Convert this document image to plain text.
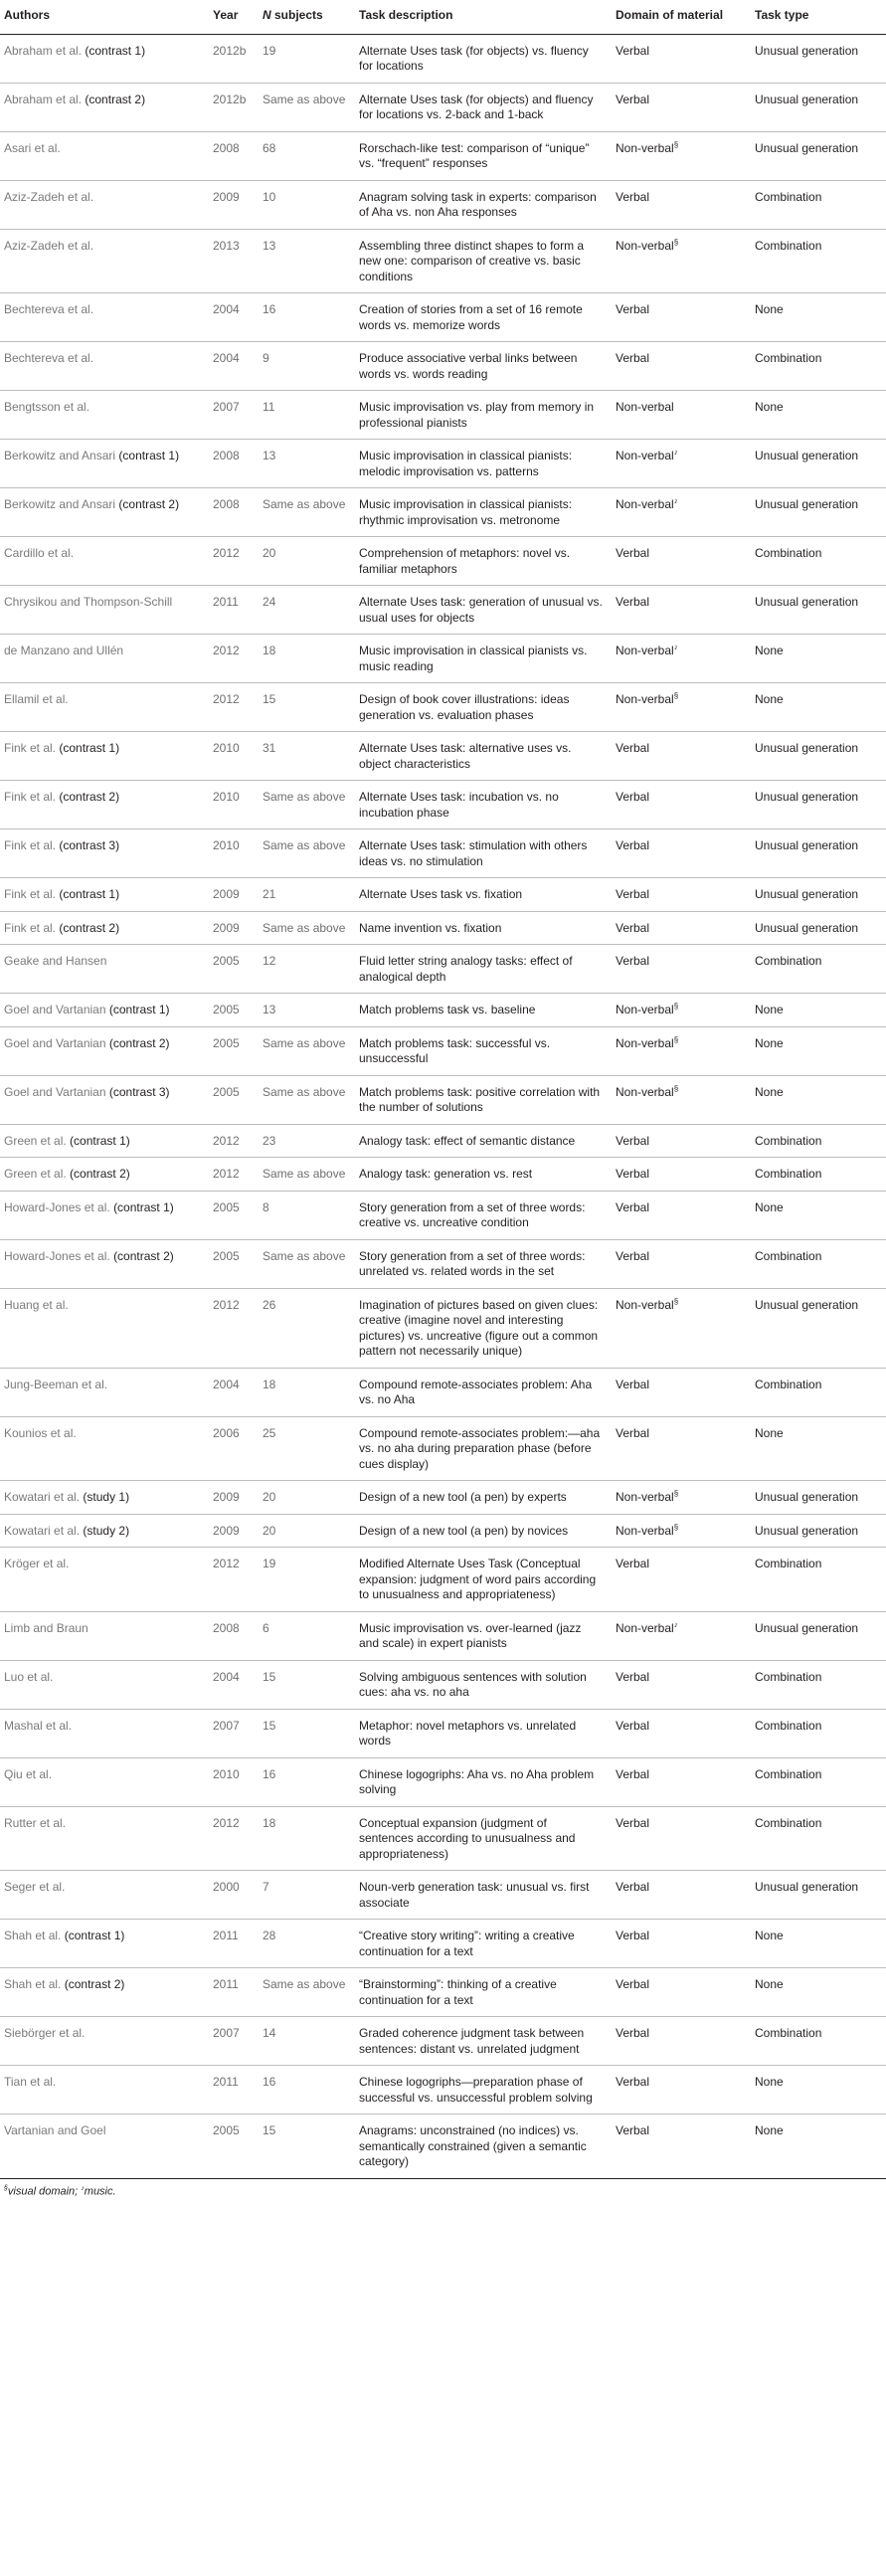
Authors	Year	N subjects	Task description	Domain of material	Task type
Abraham et al. (contrast 1)	2012b	19	Alternate Uses task (for objects) vs. fluency for locations	Verbal	Unusual generation
Abraham et al. (contrast 2)	2012b	Same as above	Alternate Uses task (for objects) and fluency for locations vs. 2-back and 1-back	Verbal	Unusual generation
Asari et al.	2008	68	Rorschach-like test: comparison of “unique” vs. “frequent” responses	Non-verbal§	Unusual generation
Aziz-Zadeh et al.	2009	10	Anagram solving task in experts: comparison of Aha vs. non Aha responses	Verbal	Combination
Aziz-Zadeh et al.	2013	13	Assembling three distinct shapes to form a new one: comparison of creative vs. basic conditions	Non-verbal§	Combination
Bechtereva et al.	2004	16	Creation of stories from a set of 16 remote words vs. memorize words	Verbal	None
Bechtereva et al.	2004	9	Produce associative verbal links between words vs. words reading	Verbal	Combination
Bengtsson et al.	2007	11	Music improvisation vs. play from memory in professional pianists	Non-verbal	None
Berkowitz and Ansari (contrast 1)	2008	13	Music improvisation in classical pianists: melodic improvisation vs. patterns	Non-verbal♪	Unusual generation
Berkowitz and Ansari (contrast 2)	2008	Same as above	Music improvisation in classical pianists: rhythmic improvisation vs. metronome	Non-verbal♪	Unusual generation
Cardillo et al.	2012	20	Comprehension of metaphors: novel vs. familiar metaphors	Verbal	Combination
Chrysikou and Thompson-Schill	2011	24	Alternate Uses task: generation of unusual vs. usual uses for objects	Verbal	Unusual generation
de Manzano and Ullén	2012	18	Music improvisation in classical pianists vs. music reading	Non-verbal♪	None
Ellamil et al.	2012	15	Design of book cover illustrations: ideas generation vs. evaluation phases	Non-verbal§	None
Fink et al. (contrast 1)	2010	31	Alternate Uses task: alternative uses vs. object characteristics	Verbal	Unusual generation
Fink et al. (contrast 2)	2010	Same as above	Alternate Uses task: incubation vs. no incubation phase	Verbal	Unusual generation
Fink et al. (contrast 3)	2010	Same as above	Alternate Uses task: stimulation with others ideas vs. no stimulation	Verbal	Unusual generation
Fink et al. (contrast 1)	2009	21	Alternate Uses task vs. fixation	Verbal	Unusual generation
Fink et al. (contrast 2)	2009	Same as above	Name invention vs. fixation	Verbal	Unusual generation
Geake and Hansen	2005	12	Fluid letter string analogy tasks: effect of analogical depth	Verbal	Combination
Goel and Vartanian (contrast 1)	2005	13	Match problems task vs. baseline	Non-verbal§	None
Goel and Vartanian (contrast 2)	2005	Same as above	Match problems task: successful vs. unsuccessful	Non-verbal§	None
Goel and Vartanian (contrast 3)	2005	Same as above	Match problems task: positive correlation with the number of solutions	Non-verbal§	None
Green et al. (contrast 1)	2012	23	Analogy task: effect of semantic distance	Verbal	Combination
Green et al. (contrast 2)	2012	Same as above	Analogy task: generation vs. rest	Verbal	Combination
Howard-Jones et al. (contrast 1)	2005	8	Story generation from a set of three words: creative vs. uncreative condition	Verbal	None
Howard-Jones et al. (contrast 2)	2005	Same as above	Story generation from a set of three words: unrelated vs. related words in the set	Verbal	Combination
Huang et al.	2012	26	Imagination of pictures based on given clues: creative (imagine novel and interesting pictures) vs. uncreative (figure out a common pattern not necessarily unique)	Non-verbal§	Unusual generation
Jung-Beeman et al.	2004	18	Compound remote-associates problem: Aha vs. no Aha	Verbal	Combination
Kounios et al.	2006	25	Compound remote-associates problem:—aha vs. no aha during preparation phase (before cues display)	Verbal	None
Kowatari et al. (study 1)	2009	20	Design of a new tool (a pen) by experts	Non-verbal§	Unusual generation
Kowatari et al. (study 2)	2009	20	Design of a new tool (a pen) by novices	Non-verbal§	Unusual generation
Kröger et al.	2012	19	Modified Alternate Uses Task (Conceptual expansion: judgment of word pairs according to unusualness and appropriateness)	Verbal	Combination
Limb and Braun	2008	6	Music improvisation vs. over-learned (jazz and scale) in expert pianists	Non-verbal♪	Unusual generation
Luo et al.	2004	15	Solving ambiguous sentences with solution cues: aha vs. no aha	Verbal	Combination
Mashal et al.	2007	15	Metaphor: novel metaphors vs. unrelated words	Verbal	Combination
Qiu et al.	2010	16	Chinese logogriphs: Aha vs. no Aha problem solving	Verbal	Combination
Rutter et al.	2012	18	Conceptual expansion (judgment of sentences according to unusualness and appropriateness)	Verbal	Combination
Seger et al.	2000	7	Noun-verb generation task: unusual vs. first associate	Verbal	Unusual generation
Shah et al. (contrast 1)	2011	28	“Creative story writing”: writing a creative continuation for a text	Verbal	None
Shah et al. (contrast 2)	2011	Same as above	“Brainstorming”: thinking of a creative continuation for a text	Verbal	None
Siebörger et al.	2007	14	Graded coherence judgment task between sentences: distant vs. unrelated judgment	Verbal	Combination
Tian et al.	2011	16	Chinese logogriphs—preparation phase of successful vs. unsuccessful problem solving	Verbal	None
Vartanian and Goel	2005	15	Anagrams: unconstrained (no indices) vs. semantically constrained (given a semantic category)	Verbal	None
§visual domain; ♪music.
